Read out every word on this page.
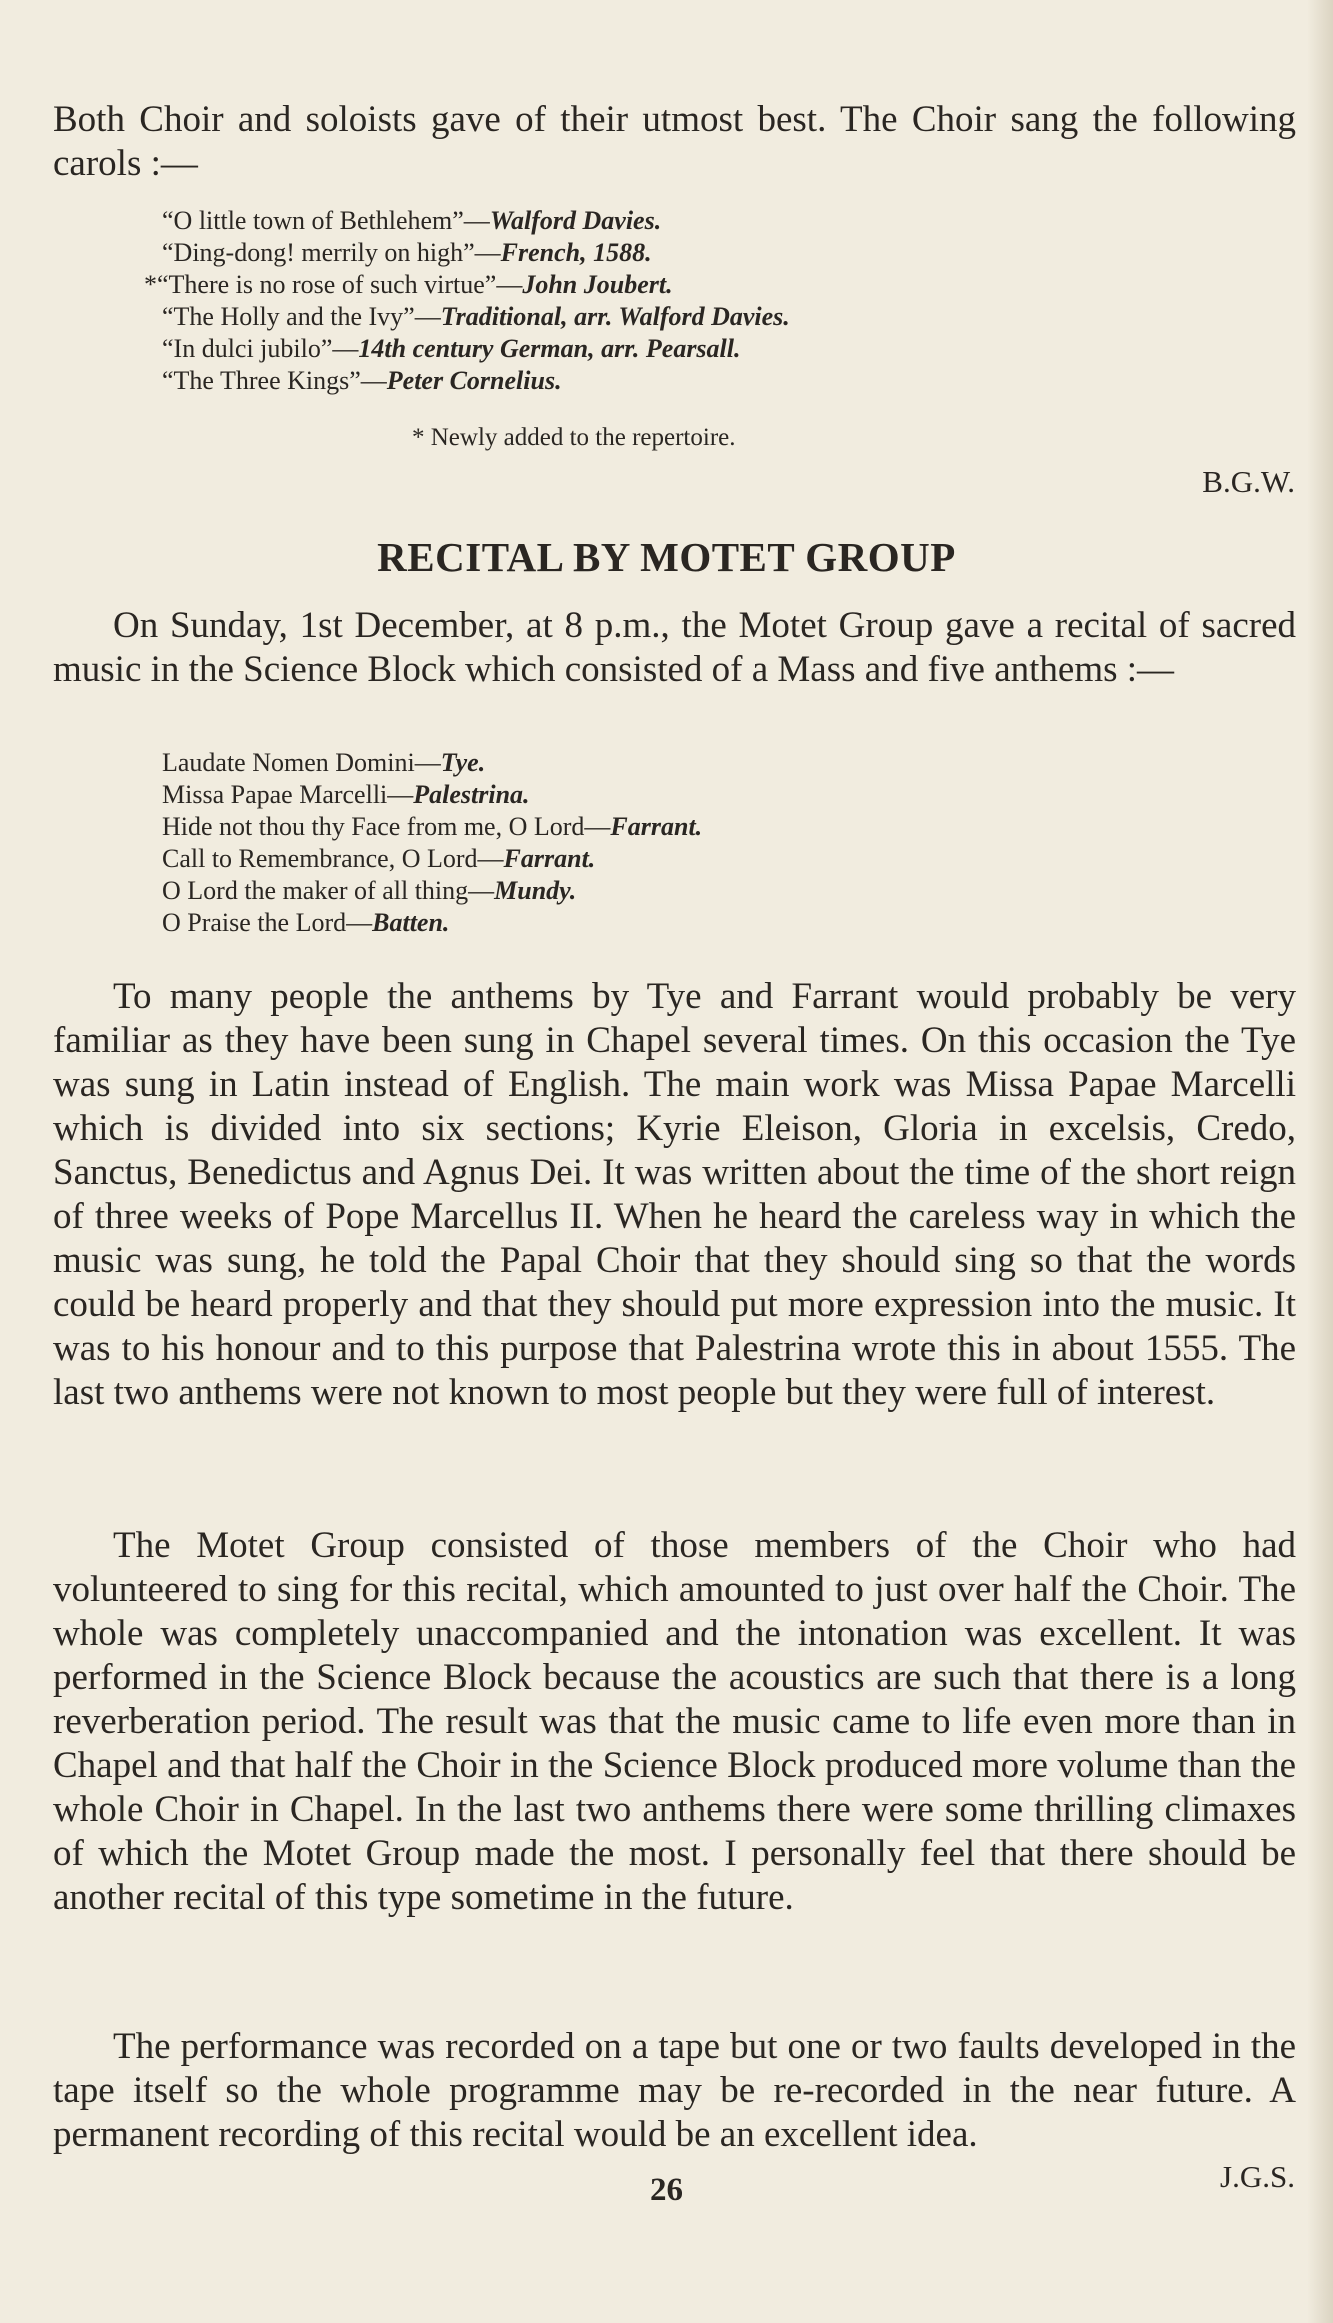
Both Choir and soloists gave of their utmost best. The Choir sang the following carols :—

“O little town of Bethlehem”—Walford Davies.
“Ding-dong! merrily on high”—French, 1588.
*“There is no rose of such virtue”—John Joubert.
“The Holly and the Ivy”—Traditional, arr. Walford Davies.
“In dulci jubilo”—14th century German, arr. Pearsall.
“The Three Kings”—Peter Cornelius.
* Newly added to the repertoire.
B.G.W.
RECITAL BY MOTET GROUP

On Sunday, 1st December, at 8 p.m., the Motet Group gave a recital of sacred music in the Science Block which consisted of a Mass and five anthems :—

Laudate Nomen Domini—Tye.
Missa Papae Marcelli—Palestrina.
Hide not thou thy Face from me, O Lord—Farrant.
Call to Remembrance, O Lord—Farrant.
O Lord the maker of all thing—Mundy.
O Praise the Lord—Batten.

To many people the anthems by Tye and Farrant would probably be very familiar as they have been sung in Chapel several times. On this occasion the Tye was sung in Latin instead of English. The main work was Missa Papae Marcelli which is divided into six sections; Kyrie Eleison, Gloria in excelsis, Credo, Sanctus, Benedictus and Agnus Dei. It was written about the time of the short reign of three weeks of Pope Marcellus II. When he heard the careless way in which the music was sung, he told the Papal Choir that they should sing so that the words could be heard properly and that they should put more expression into the music. It was to his honour and to this purpose that Palestrina wrote this in about 1555. The last two anthems were not known to most people but they were full of interest.

The Motet Group consisted of those members of the Choir who had volunteered to sing for this recital, which amounted to just over half the Choir. The whole was completely unaccompanied and the intonation was excellent. It was performed in the Science Block because the acoustics are such that there is a long reverberation period. The result was that the music came to life even more than in Chapel and that half the Choir in the Science Block produced more volume than the whole Choir in Chapel. In the last two anthems there were some thrilling climaxes of which the Motet Group made the most. I personally feel that there should be another recital of this type sometime in the future.

The performance was recorded on a tape but one or two faults developed in the tape itself so the whole programme may be re-recorded in the near future. A permanent recording of this recital would be an excellent idea.

J.G.S.
26
